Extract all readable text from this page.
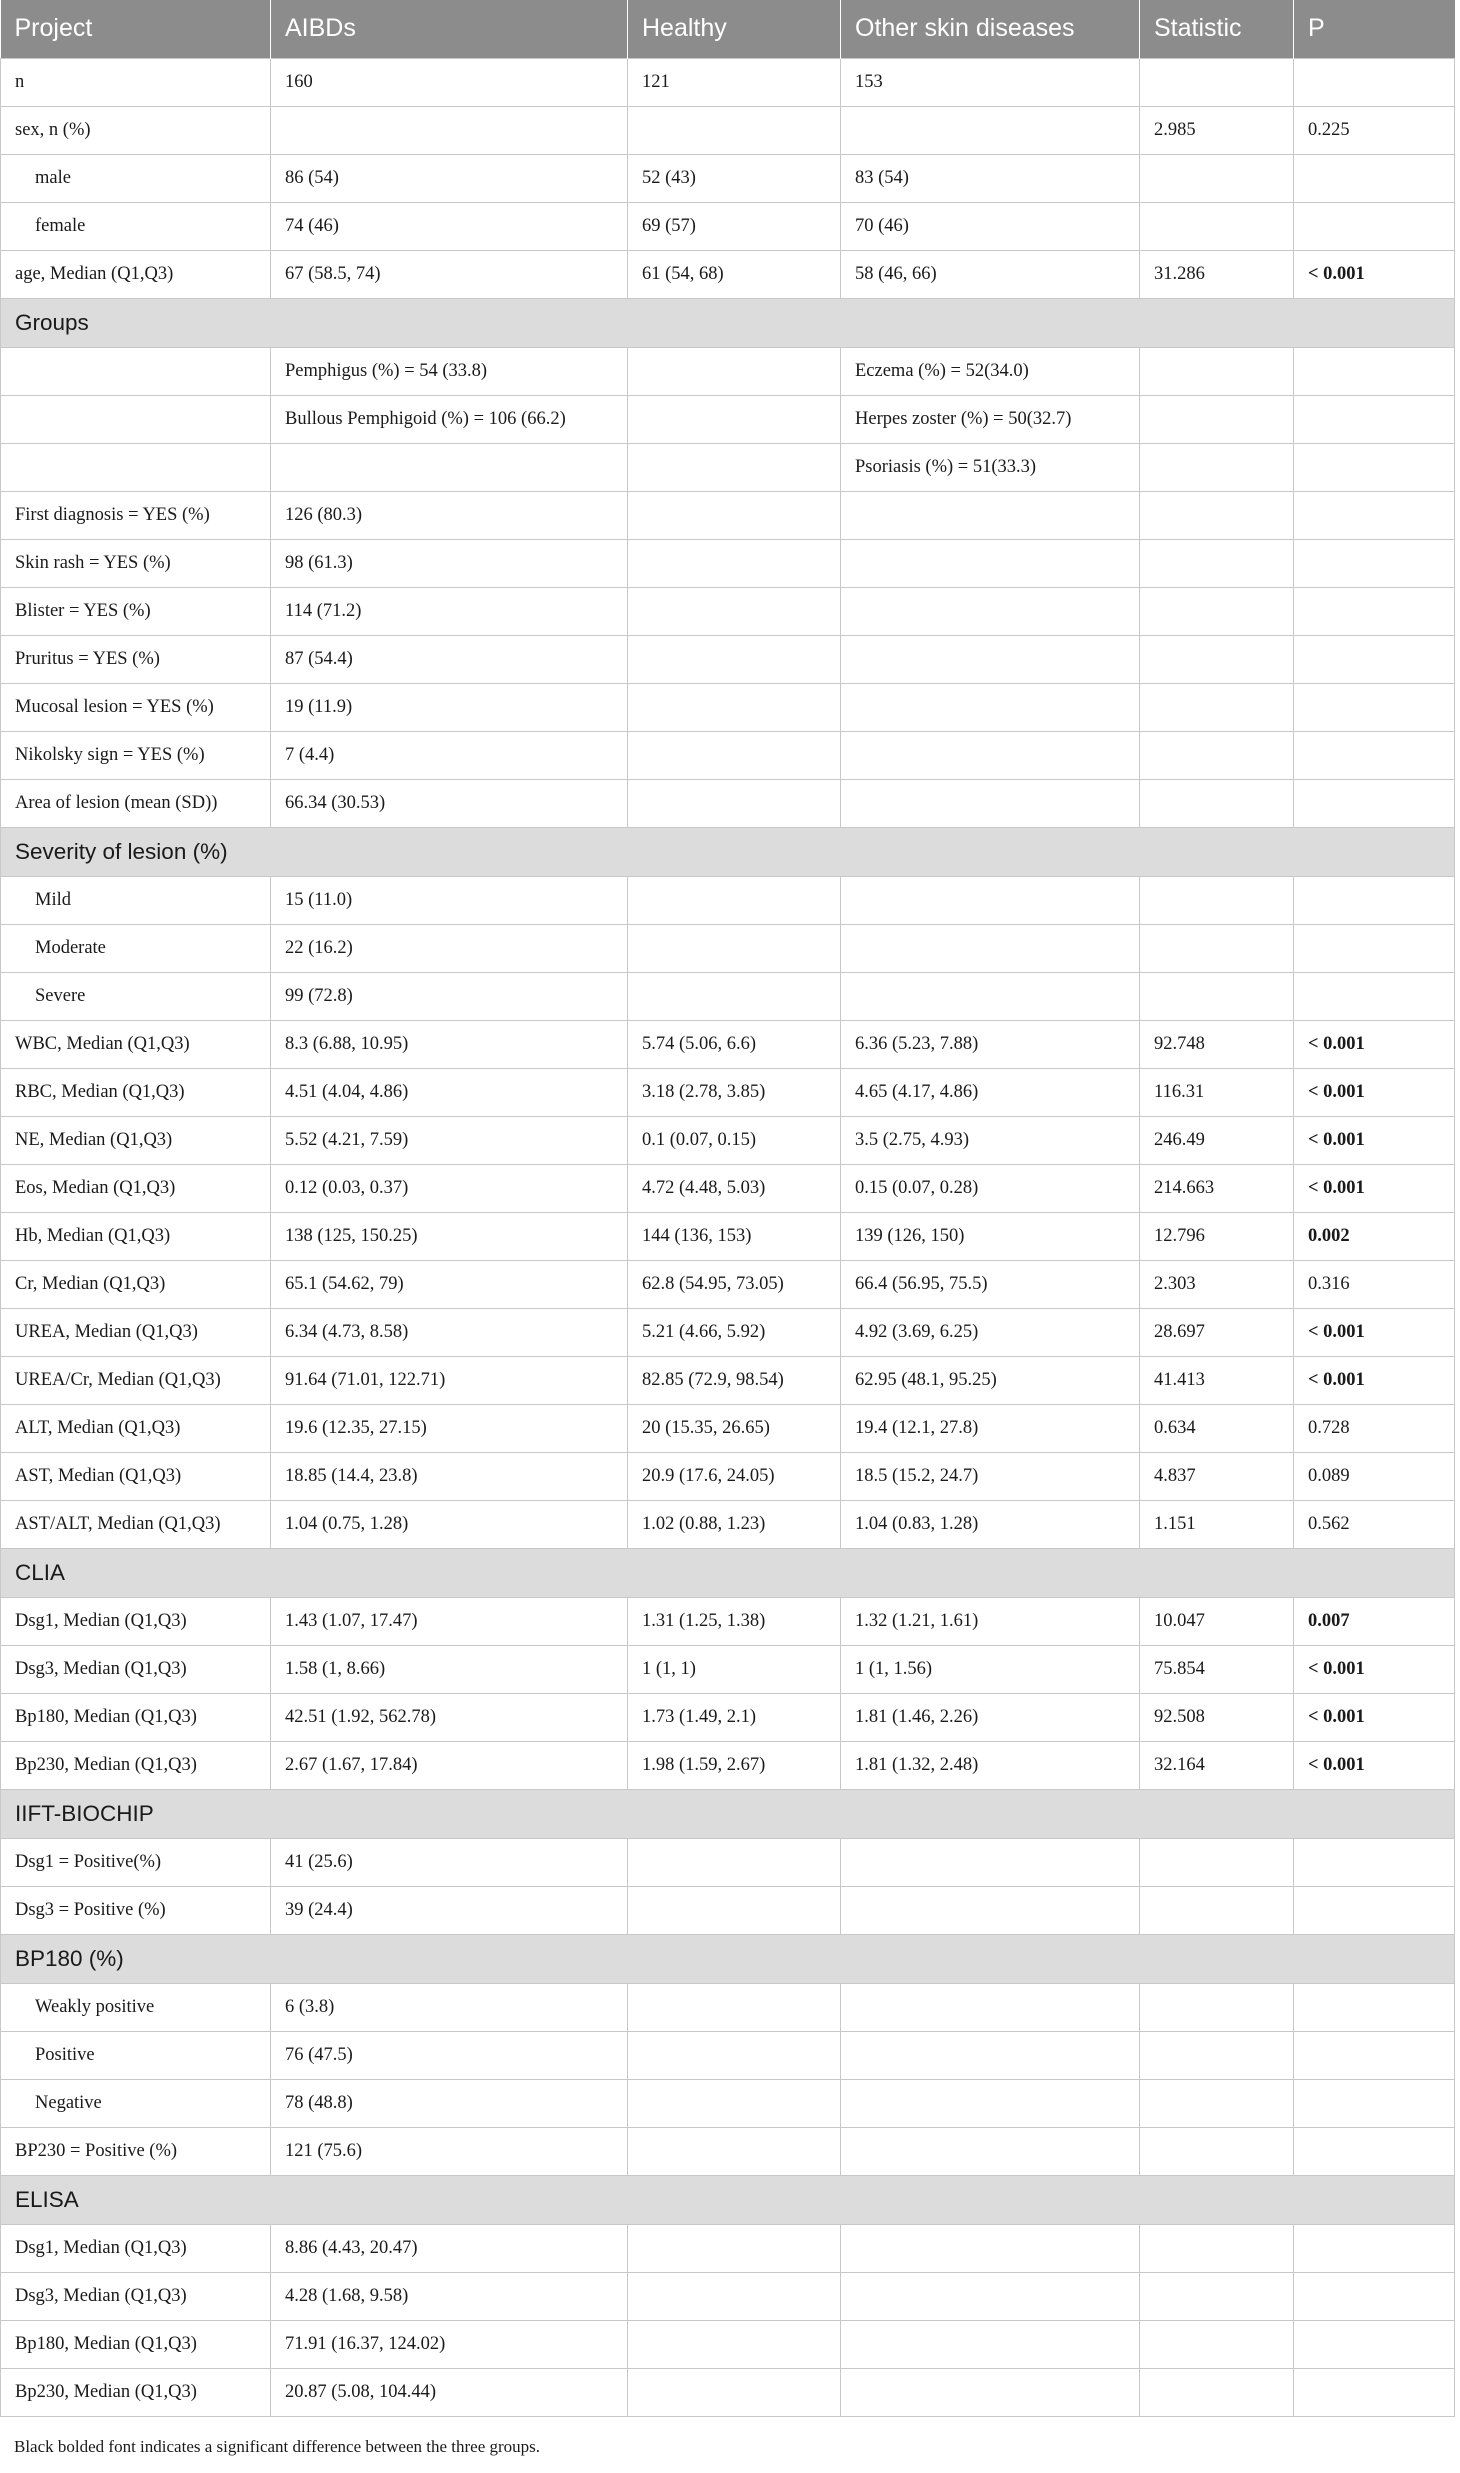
Project	AIBDs	Healthy	Other skin diseases	Statistic	P
n	160	121	153		
sex, n (%)				2.985	0.225
male	86 (54)	52 (43)	83 (54)		
female	74 (46)	69 (57)	70 (46)		
age, Median (Q1,Q3)	67 (58.5, 74)	61 (54, 68)	58 (46, 66)	31.286	< 0.001
Groups					
	Pemphigus (%) = 54 (33.8)		Eczema (%) = 52(34.0)		
	Bullous Pemphigoid (%) = 106 (66.2)		Herpes zoster (%) = 50(32.7)		
			Psoriasis (%) = 51(33.3)		
First diagnosis = YES (%)	126 (80.3)				
Skin rash = YES (%)	98 (61.3)				
Blister = YES (%)	114 (71.2)				
Pruritus = YES (%)	87 (54.4)				
Mucosal lesion = YES (%)	19 (11.9)				
Nikolsky sign = YES (%)	7 (4.4)				
Area of lesion (mean (SD))	66.34 (30.53)				
Severity of lesion (%)					
Mild	15 (11.0)				
Moderate	22 (16.2)				
Severe	99 (72.8)				
WBC, Median (Q1,Q3)	8.3 (6.88, 10.95)	5.74 (5.06, 6.6)	6.36 (5.23, 7.88)	92.748	< 0.001
RBC, Median (Q1,Q3)	4.51 (4.04, 4.86)	3.18 (2.78, 3.85)	4.65 (4.17, 4.86)	116.31	< 0.001
NE, Median (Q1,Q3)	5.52 (4.21, 7.59)	0.1 (0.07, 0.15)	3.5 (2.75, 4.93)	246.49	< 0.001
Eos, Median (Q1,Q3)	0.12 (0.03, 0.37)	4.72 (4.48, 5.03)	0.15 (0.07, 0.28)	214.663	< 0.001
Hb, Median (Q1,Q3)	138 (125, 150.25)	144 (136, 153)	139 (126, 150)	12.796	0.002
Cr, Median (Q1,Q3)	65.1 (54.62, 79)	62.8 (54.95, 73.05)	66.4 (56.95, 75.5)	2.303	0.316
UREA, Median (Q1,Q3)	6.34 (4.73, 8.58)	5.21 (4.66, 5.92)	4.92 (3.69, 6.25)	28.697	< 0.001
UREA/Cr, Median (Q1,Q3)	91.64 (71.01, 122.71)	82.85 (72.9, 98.54)	62.95 (48.1, 95.25)	41.413	< 0.001
ALT, Median (Q1,Q3)	19.6 (12.35, 27.15)	20 (15.35, 26.65)	19.4 (12.1, 27.8)	0.634	0.728
AST, Median (Q1,Q3)	18.85 (14.4, 23.8)	20.9 (17.6, 24.05)	18.5 (15.2, 24.7)	4.837	0.089
AST/ALT, Median (Q1,Q3)	1.04 (0.75, 1.28)	1.02 (0.88, 1.23)	1.04 (0.83, 1.28)	1.151	0.562
CLIA					
Dsg1, Median (Q1,Q3)	1.43 (1.07, 17.47)	1.31 (1.25, 1.38)	1.32 (1.21, 1.61)	10.047	0.007
Dsg3, Median (Q1,Q3)	1.58 (1, 8.66)	1 (1, 1)	1 (1, 1.56)	75.854	< 0.001
Bp180, Median (Q1,Q3)	42.51 (1.92, 562.78)	1.73 (1.49, 2.1)	1.81 (1.46, 2.26)	92.508	< 0.001
Bp230, Median (Q1,Q3)	2.67 (1.67, 17.84)	1.98 (1.59, 2.67)	1.81 (1.32, 2.48)	32.164	< 0.001
IIFT-BIOCHIP					
Dsg1 = Positive(%)	41 (25.6)				
Dsg3 = Positive (%)	39 (24.4)				
BP180 (%)					
Weakly positive	6 (3.8)				
Positive	76 (47.5)				
Negative	78 (48.8)				
BP230 = Positive (%)	121 (75.6)				
ELISA					
Dsg1, Median (Q1,Q3)	8.86 (4.43, 20.47)				
Dsg3, Median (Q1,Q3)	4.28 (1.68, 9.58)				
Bp180, Median (Q1,Q3)	71.91 (16.37, 124.02)				
Bp230, Median (Q1,Q3)	20.87 (5.08, 104.44)				
Black bolded font indicates a significant difference between the three groups.
